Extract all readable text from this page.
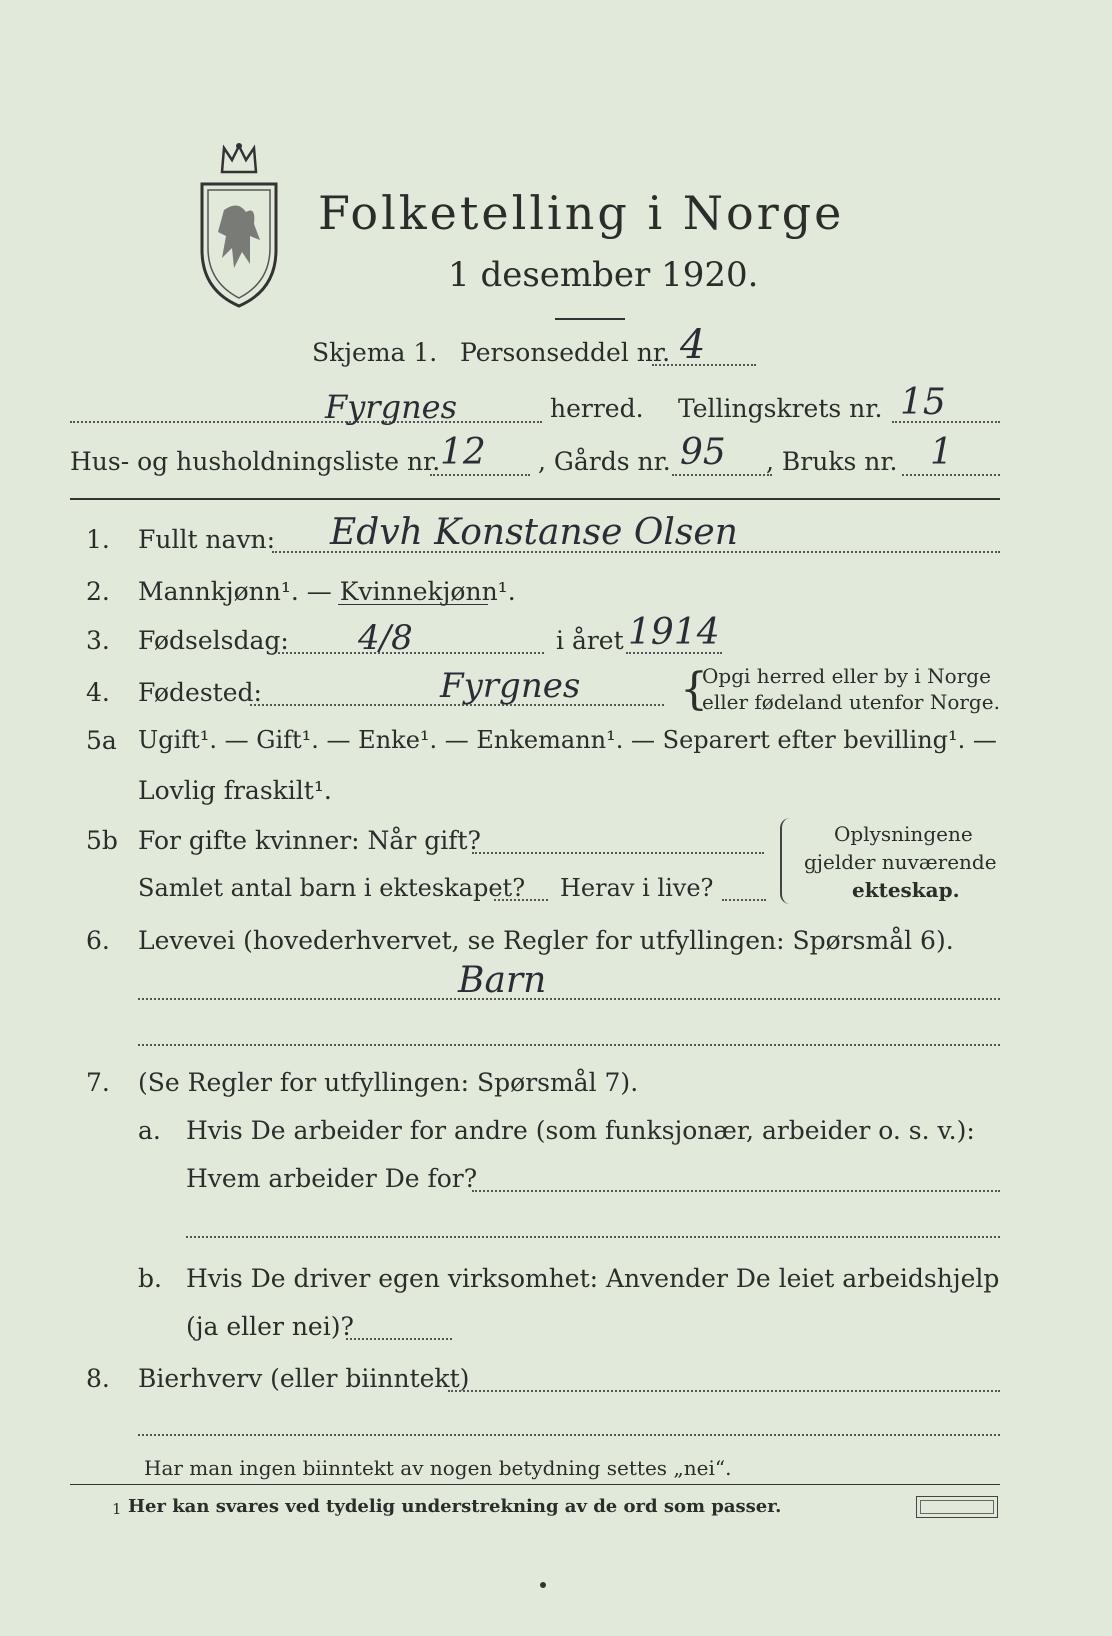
Folketelling i Norge
1 desember 1920.
Skjema 1. Personseddel nr. 4
Fyrgnes	herred. Tellingskrets nr. 15
Hus- og husholdningsliste nr. 12 , Gårds nr. 95 , Bruks nr. 1
1. Fullt navn: Edvh Konstanse Olsen
2. Mannkjønn¹. — Kvinnekjønn¹.
3. Fødselsdag: 4/8	i året 1914
4. Fødested:	Fyrgnes {
Opgi herred eller by i Norge
eller fødeland utenfor Norge.
5a Ugift¹. — Gift¹. — Enke¹. — Enkemann¹. — Separert efter bevilling¹. —
Lovlig fraskilt¹.
5b For gifte kvinner: Når gift?
Samlet antal barn i ekteskapet? Herav i live?
Oplysningene
gjelder nuværende
ekteskap.
6. Levevei (hovederhvervet, se Regler for utfyllingen: Spørsmål 6).
Barn
7. (Se Regler for utfyllingen: Spørsmål 7).
a. Hvis De arbeider for andre (som funksjonær, arbeider o. s. v.):
Hvem arbeider De for?
b. Hvis De driver egen virksomhet: Anvender De leiet arbeidshjelp
(ja eller nei)?
8. Bierhverv (eller biinntekt)
Har man ingen biinntekt av nogen betydning settes „nei“.
1 Her kan svares ved tydelig understrekning av de ord som passer.
